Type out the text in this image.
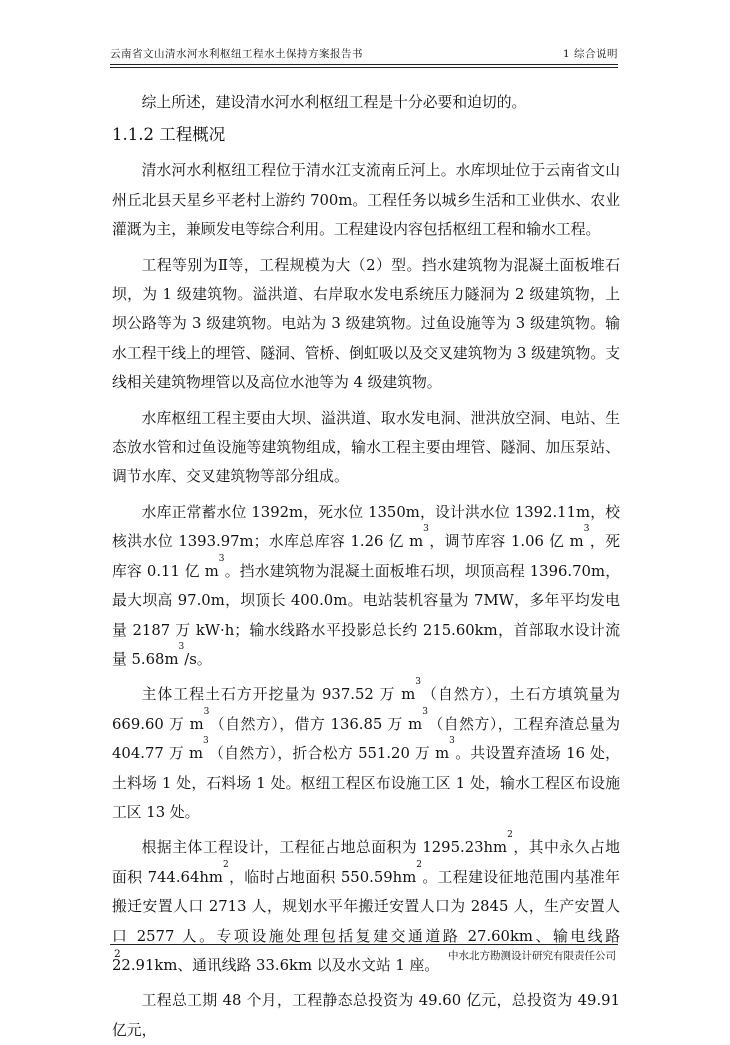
云南省文山清水河水利枢纽工程水土保持方案报告书	1 综合说明

综上所述，建设清水河水利枢纽工程是十分必要和迫切的。

1.1.2 工程概况

清水河水利枢纽工程位于清水江支流南丘河上。水库坝址位于云南省文山州丘北县天星乡平老村上游约 700m。工程任务以城乡生活和工业供水、农业灌溉为主，兼顾发电等综合利用。工程建设内容包括枢纽工程和输水工程。

工程等别为Ⅱ等，工程规模为大（2）型。挡水建筑物为混凝土面板堆石坝，为 1 级建筑物。溢洪道、右岸取水发电系统压力隧洞为 2 级建筑物，上坝公路等为 3 级建筑物。电站为 3 级建筑物。过鱼设施等为 3 级建筑物。输水工程干线上的埋管、隧洞、管桥、倒虹吸以及交叉建筑物为 3 级建筑物。支线相关建筑物埋管以及高位水池等为 4 级建筑物。

水库枢纽工程主要由大坝、溢洪道、取水发电洞、泄洪放空洞、电站、生态放水管和过鱼设施等建筑物组成，输水工程主要由埋管、隧洞、加压泵站、调节水库、交叉建筑物等部分组成。

水库正常蓄水位 1392m，死水位 1350m，设计洪水位 1392.11m，校核洪水位 1393.97m；水库总库容 1.26 亿 $m^3$，调节库容 1.06 亿 $m^3$，死库容 0.11 亿 $m^3$。挡水建筑物为混凝土面板堆石坝，坝顶高程 1396.70m，最大坝高 97.0m，坝顶长 400.0m。电站装机容量为 7MW，多年平均发电量 2187 万 kW·h；输水线路水平投影总长约 215.60km，首部取水设计流量 $5.68m^3/s$。

主体工程土石方开挖量为 937.52 万 $m^3$（自然方），土石方填筑量为 669.60 万 $m^3$（自然方），借方 136.85 万 $m^3$（自然方），工程弃渣总量为 404.77 万 $m^3$（自然方），折合松方 551.20 万 $m^3$。共设置弃渣场 16 处，土料场 1 处，石料场 1 处。枢纽工程区布设施工区 1 处，输水工程区布设施工区 13 处。

根据主体工程设计，工程征占地总面积为 $1295.23hm^2$，其中永久占地面积 $744.64hm^2$，临时占地面积 $550.59hm^2$。工程建设征地范围内基准年搬迁安置人口 2713 人，规划水平年搬迁安置人口为 2845 人，生产安置人口 2577 人。专项设施处理包括复建交通道路 27.60km、输电线路 22.91km、通讯线路 33.6km 以及水文站 1 座。

工程总工期 48 个月，工程静态总投资为 49.60 亿元，总投资为 49.91 亿元，

2	中水北方勘测设计研究有限责任公司
